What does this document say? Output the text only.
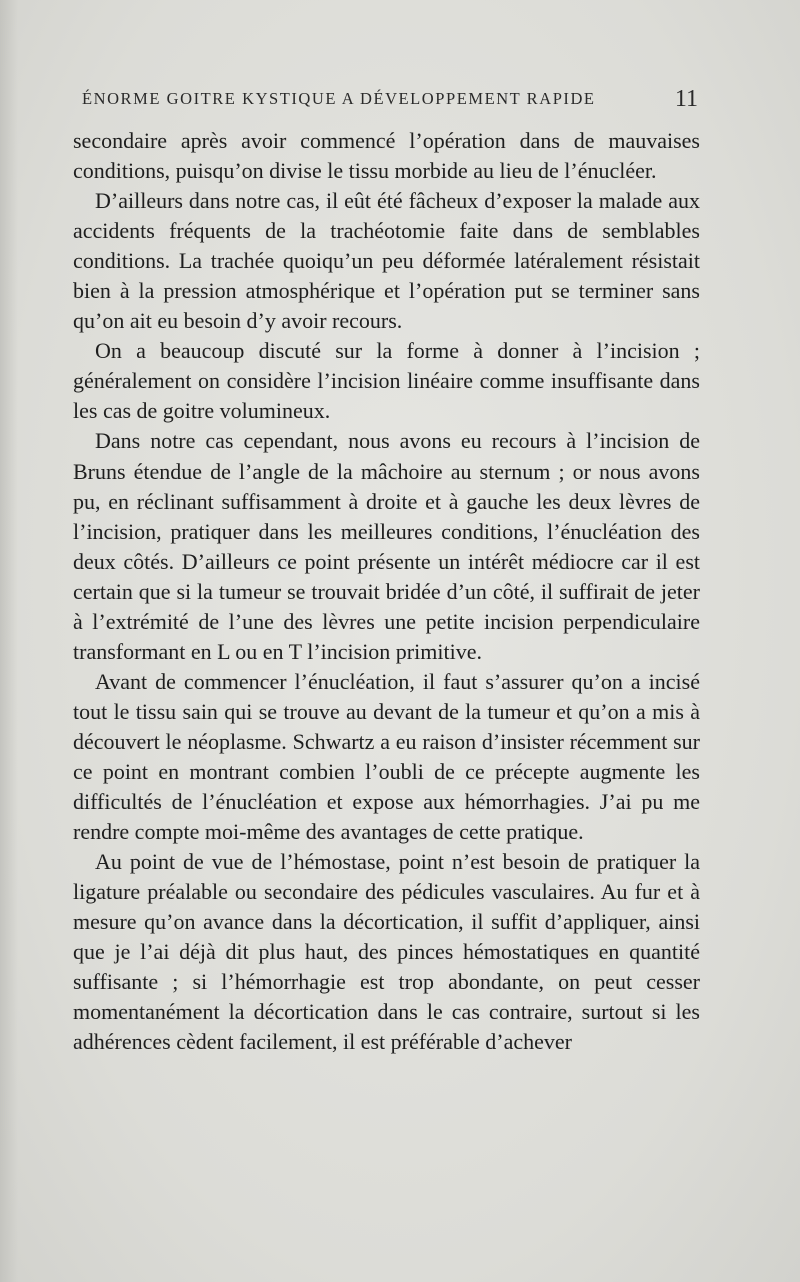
ÉNORME GOITRE KYSTIQUE A DÉVELOPPEMENT RAPIDE	11

secondaire après avoir commencé l’opération dans de mauvaises conditions, puisqu’on divise le tissu morbide au lieu de l’énucléer.

D’ailleurs dans notre cas, il eût été fâcheux d’exposer la malade aux accidents fréquents de la trachéotomie faite dans de semblables conditions. La trachée quoiqu’un peu déformée latéralement résistait bien à la pression atmosphérique et l’opération put se terminer sans qu’on ait eu besoin d’y avoir recours.

On a beaucoup discuté sur la forme à donner à l’incision ; généralement on considère l’incision linéaire comme insuffisante dans les cas de goitre volumineux.

Dans notre cas cependant, nous avons eu recours à l’incision de Bruns étendue de l’angle de la mâchoire au sternum ; or nous avons pu, en réclinant suffisamment à droite et à gauche les deux lèvres de l’incision, pratiquer dans les meilleures conditions, l’énucléation des deux côtés. D’ailleurs ce point présente un intérêt médiocre car il est certain que si la tumeur se trouvait bridée d’un côté, il suffirait de jeter à l’extrémité de l’une des lèvres une petite incision perpendiculaire transformant en L ou en T l’incision primitive.

Avant de commencer l’énucléation, il faut s’assurer qu’on a incisé tout le tissu sain qui se trouve au devant de la tumeur et qu’on a mis à découvert le néoplasme. Schwartz a eu raison d’insister récemment sur ce point en montrant combien l’oubli de ce précepte augmente les difficultés de l’énucléation et expose aux hémorrhagies. J’ai pu me rendre compte moi-même des avantages de cette pratique.

Au point de vue de l’hémostase, point n’est besoin de pratiquer la ligature préalable ou secondaire des pédicules vasculaires. Au fur et à mesure qu’on avance dans la décortication, il suffit d’appliquer, ainsi que je l’ai déjà dit plus haut, des pinces hémostatiques en quantité suffisante ; si l’hémorrhagie est trop abondante, on peut cesser momentanément la décortication dans le cas contraire, surtout si les adhérences cèdent facilement, il est préférable d’achever
